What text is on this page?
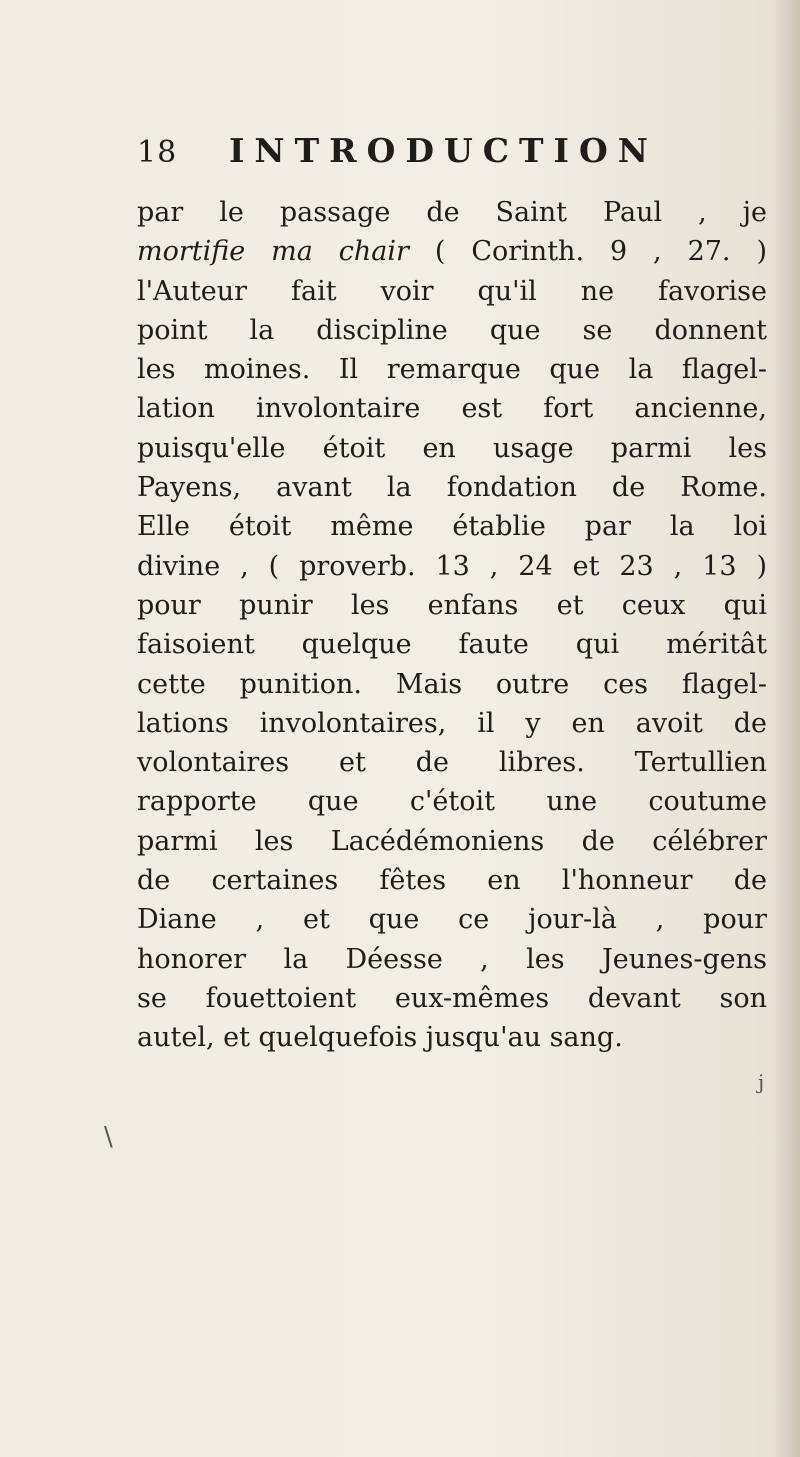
18 INTRODUCTION
par le passage de Saint Paul , je
mortifie ma chair ( Corinth. 9 , 27. )
l'Auteur fait voir qu'il ne favorise
point la discipline que se donnent
les moines. Il remarque que la flagel-
lation involontaire est fort ancienne,
puisqu'elle étoit en usage parmi les
Payens, avant la fondation de Rome.
Elle étoit même établie par la loi
divine , ( proverb. 13 , 24 et 23 , 13 )
pour punir les enfans et ceux qui
faisoient quelque faute qui méritât
cette punition. Mais outre ces flagel-
lations involontaires, il y en avoit de
volontaires et de libres. Tertullien
rapporte que c'étoit une coutume
parmi les Lacédémoniens de célébrer
de certaines fêtes en l'honneur de
Diane , et que ce jour-là , pour
honorer la Déesse , les Jeunes-gens
se fouettoient eux-mêmes devant son
autel, et quelquefois jusqu'au sang.
j
\
